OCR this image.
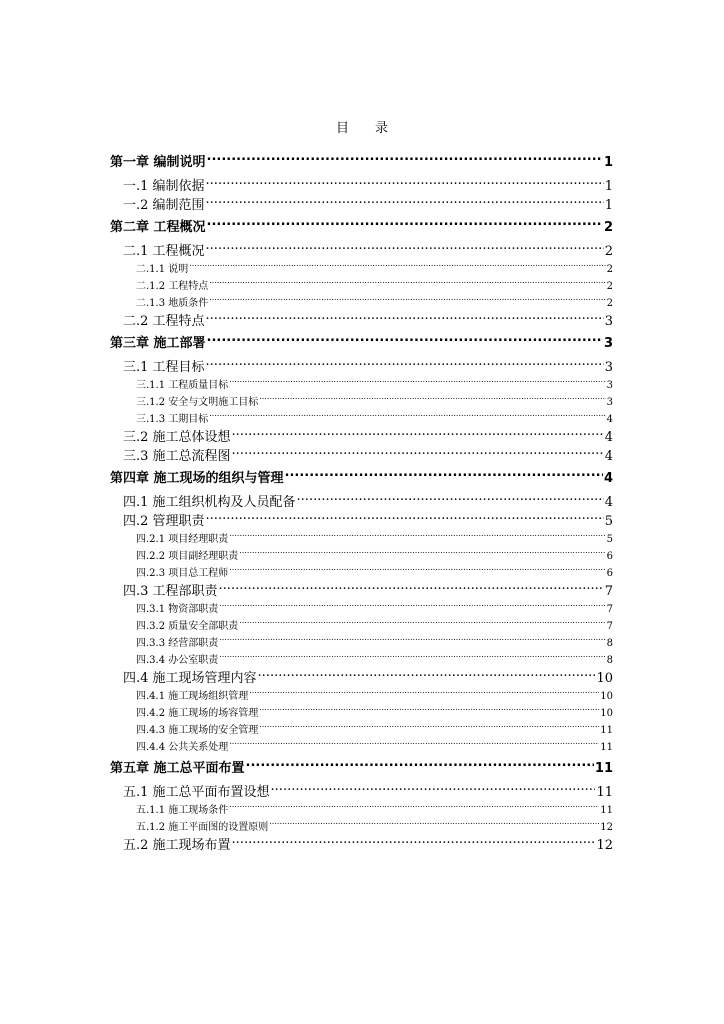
目 录
第一章 编制说明 .....	1
一.1 编制依据 .....	1
一.2 编制范围 .....	1
第二章 工程概况 .....	2
二.1 工程概况 .....	2
二.1.1 说明 .....	2
二.1.2 工程特点 .....	2
二.1.3 地质条件 .....	2
二.2 工程特点 .....	3
第三章 施工部署 .....	3
三.1 工程目标 .....	3
三.1.1 工程质量目标 .....	3
三.1.2 安全与文明施工目标 .....	3
三.1.3 工期目标 .....	4
三.2 施工总体设想 .....	4
三.3 施工总流程图 .....	4
第四章 施工现场的组织与管理 .....	4
四.1 施工组织机构及人员配备 .....	4
四.2 管理职责 .....	5
四.2.1 项目经理职责 .....	5
四.2.2 项目副经理职责 .....	6
四.2.3 项目总工程师 .....	6
四.3 工程部职责 .....	7
四.3.1 物资部职责 .....	7
四.3.2 质量安全部职责 .....	7
四.3.3 经营部职责 .....	8
四.3.4 办公室职责 .....	8
四.4 施工现场管理内容 .....	10
四.4.1 施工现场组织管理 .....	10
四.4.2 施工现场的场容管理 .....	10
四.4.3 施工现场的安全管理 .....	11
四.4.4 公共关系处理 .....	11
第五章 施工总平面布置 .....	11
五.1 施工总平面布置设想 .....	11
五.1.1 施工现场条件 .....	11
五.1.2 施工平面图的设置原则 .....	12
五.2 施工现场布置 .....	12
